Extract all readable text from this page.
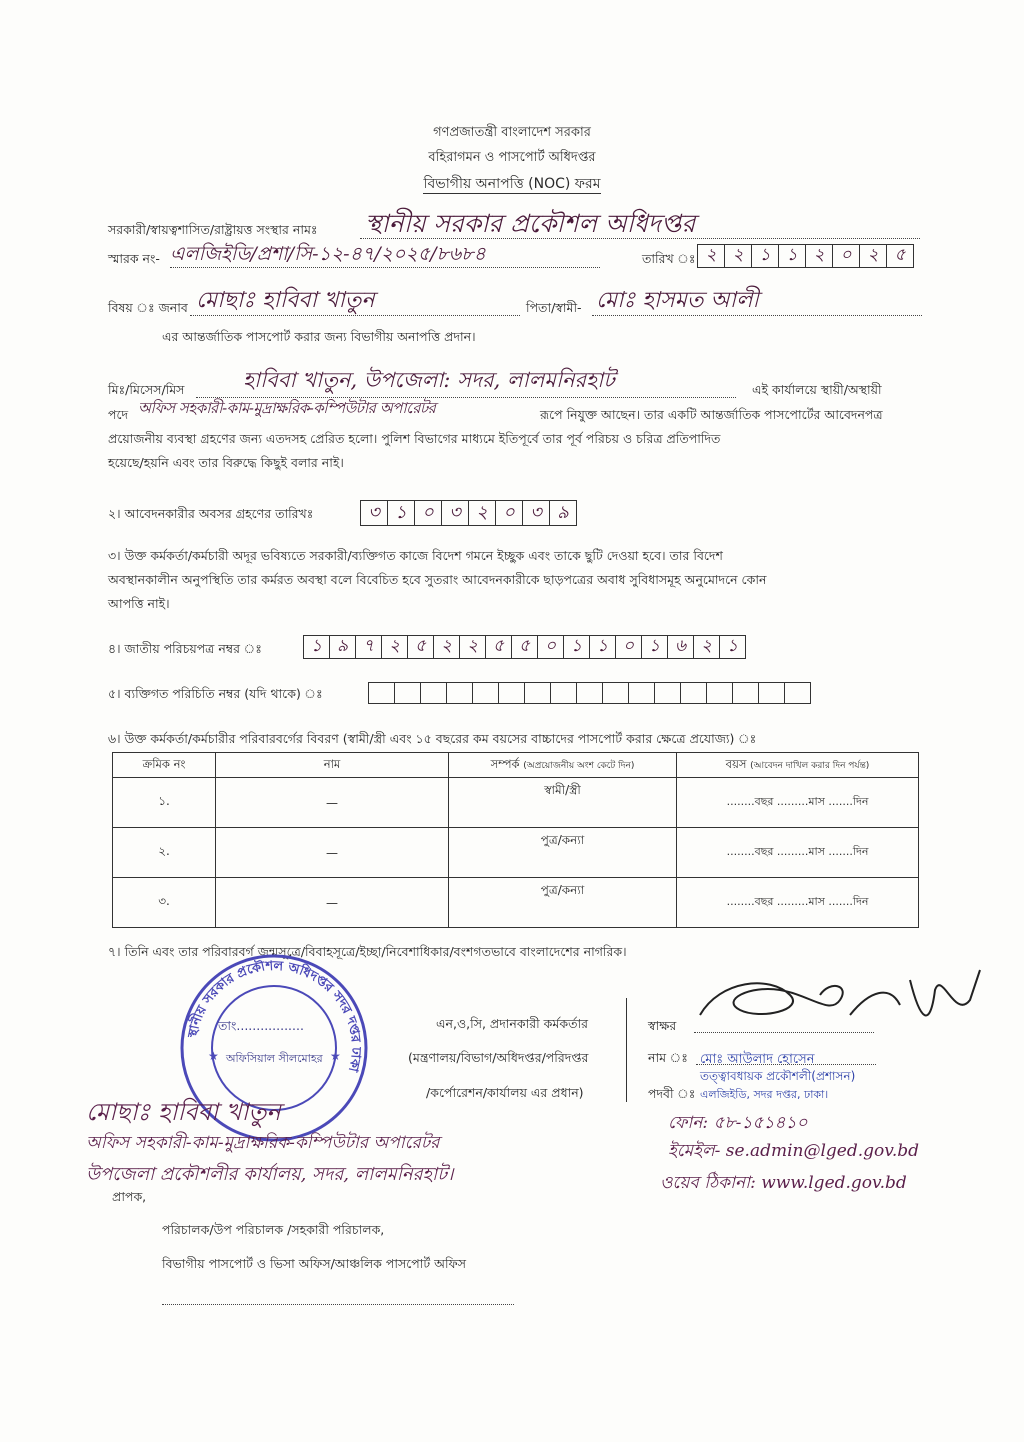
গণপ্রজাতন্ত্রী বাংলাদেশ সরকার
বহিরাগমন ও পাসপোর্ট অধিদপ্তর
বিভাগীয় অনাপত্তি (NOC) ফরম
সরকারী/স্বায়ত্বশাসিত/রাষ্ট্রায়ত্ত সংস্থার নামঃ স্থানীয় সরকার প্রকৌশল অধিদপ্তর
স্মারক নং- এলজিইডি/প্রশা/সি-১২-৪৭/২০২৫/৮৬৮৪	তারিখ ঃ ২ ২ ১ ১ ২ ০ ২ ৫
বিষয় ঃ জনাব মোছাঃ হাবিবা খাতুন	পিতা/স্বামী- মোঃ হাসমত আলী
এর আন্তর্জাতিক পাসপোর্ট করার জন্য বিভাগীয় অনাপত্তি প্রদান।
মিঃ/মিসেস/মিস	হাবিবা খাতুন, উপজেলা: সদর, লালমনিরহাট	এই কার্যালয়ে স্থায়ী/অস্থায়ী
পদে অফিস সহকারী-কাম-মুদ্রাক্ষরিক-কম্পিউটার অপারেটর	রূপে নিযুক্ত আছেন। তার একটি আন্তর্জাতিক পাসপোর্টের আবেদনপত্র
প্রয়োজনীয় ব্যবস্থা গ্রহণের জন্য এতদসহ প্রেরিত হলো। পুলিশ বিভাগের মাধ্যমে ইতিপূর্বে তার পূর্ব পরিচয় ও চরিত্র প্রতিপাদিত
হয়েছে/হয়নি এবং তার বিরুদ্ধে কিছুই বলার নাই।
২। আবেদনকারীর অবসর গ্রহণের তারিখঃ	৩ ১ ০ ৩ ২ ০ ৩ ৯
৩। উক্ত কর্মকর্তা/কর্মচারী অদূর ভবিষ্যতে সরকারী/ব্যক্তিগত কাজে বিদেশ গমনে ইচ্ছুক এবং তাকে ছুটি দেওয়া হবে। তার বিদেশ
অবস্থানকালীন অনুপস্থিতি তার কর্মরত অবস্থা বলে বিবেচিত হবে সুতরাং আবেদনকারীকে ছাড়পত্রের অবাধ সুবিধাসমূহ অনুমোদনে কোন
আপত্তি নাই।
৪। জাতীয় পরিচয়পত্র নম্বর ঃ	১ ৯ ৭ ২ ৫ ২ ২ ৫ ৫ ০ ১ ১ ০ ১ ৬ ২ ১
৫। ব্যক্তিগত পরিচিতি নম্বর (যদি থাকে) ঃ
৬। উক্ত কর্মকর্তা/কর্মচারীর পরিবারবর্গের বিবরণ (স্বামী/স্ত্রী এবং ১৫ বছরের কম বয়সের বাচ্চাদের পাসপোর্ট করার ক্ষেত্রে প্রযোজ্য) ঃ
ক্রমিক নং	নাম	সম্পর্ক (অপ্রয়োজনীয় অংশ কেটে দিন)	বয়স (আবেদন দাখিল করার দিন পর্যন্ত)
১.	—	স্বামী/স্ত্রী	........বছর .........মাস .......দিন
২.	—	পুত্র/কন্যা	........বছর .........মাস .......দিন
৩.	—	পুত্র/কন্যা	........বছর .........মাস .......দিন
৭। তিনি এবং তার পরিবারবর্গ জন্মসূত্রে/বিবাহসূত্রে/ইচ্ছা/নিবেশাধিকার/বংশগতভাবে বাংলাদেশের নাগরিক।
স্থানীয় সরকার প্রকৌশল অধিদপ্তর সদর দপ্তর ঢাকা
★	★
তাং.................
অফিসিয়াল সীলমোহর
এন,ও,সি, প্রদানকারী কর্মকর্তার
(মন্ত্রণালয়/বিভাগ/অধিদপ্তর/পরিদপ্তর
/কর্পোরেশন/কার্যালয় এর প্রধান)
স্বাক্ষর
নাম ঃ মোঃ আউলাদ হোসেন
তত্ত্বাবধায়ক প্রকৌশলী(প্রশাসন)
পদবী ঃ এলজিইডি, সদর দপ্তর, ঢাকা।
ফোন: ৫৮-১৫১৪১০
ইমেইল- se.admin@lged.gov.bd
ওয়েব ঠিকানা: www.lged.gov.bd
মোছাঃ হাবিবা খাতুন
অফিস সহকারী-কাম-মুদ্রাক্ষরিক-কম্পিউটার অপারেটর
উপজেলা প্রকৌশলীর কার্যালয়, সদর, লালমনিরহাট।
প্রাপক,
পরিচালক/উপ পরিচালক /সহকারী পরিচালক,
বিভাগীয় পাসপোর্ট ও ভিসা অফিস/আঞ্চলিক পাসপোর্ট অফিস
